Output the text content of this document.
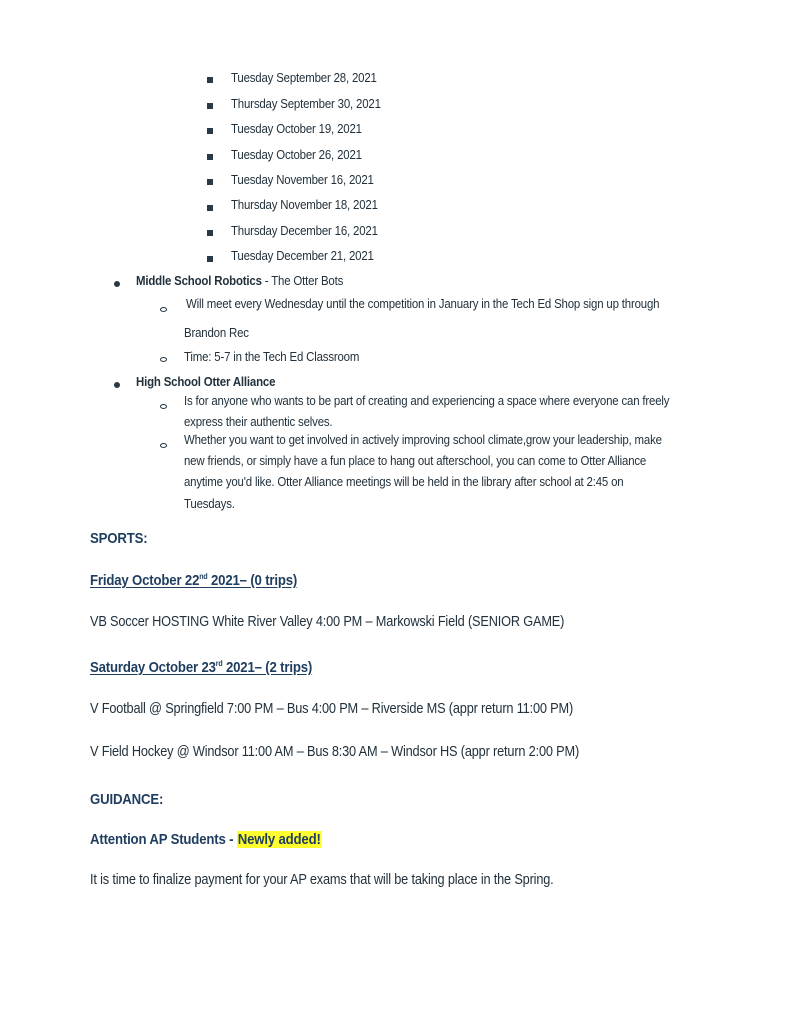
Tuesday September 28, 2021
Thursday September 30, 2021
Tuesday October 19, 2021
Tuesday October 26, 2021
Tuesday November 16, 2021
Thursday November 18, 2021
Thursday December 16, 2021
Tuesday December 21, 2021
Middle School Robotics - The Otter Bots
Will meet every Wednesday until the competition in January in the Tech Ed Shop sign up through
Brandon Rec
Time: 5-7 in the Tech Ed Classroom
High School Otter Alliance
Is for anyone who wants to be part of creating and experiencing a space where everyone can freely
express their authentic selves.
Whether you want to get involved in actively improving school climate,grow your leadership, make
new friends, or simply have a fun place to hang out afterschool, you can come to Otter Alliance
anytime you'd like. Otter Alliance meetings will be held in the library after school at 2:45 on
Tuesdays.
SPORTS:
Friday October 22nd 2021– (0 trips)
VB Soccer HOSTING White River Valley 4:00 PM – Markowski Field (SENIOR GAME)
Saturday October 23rd 2021– (2 trips)
V Football @ Springfield 7:00 PM – Bus 4:00 PM – Riverside MS (appr return 11:00 PM)
V Field Hockey @ Windsor 11:00 AM – Bus 8:30 AM – Windsor HS (appr return 2:00 PM)
GUIDANCE:
Attention AP Students - Newly added!
It is time to finalize payment for your AP exams that will be taking place in the Spring.
